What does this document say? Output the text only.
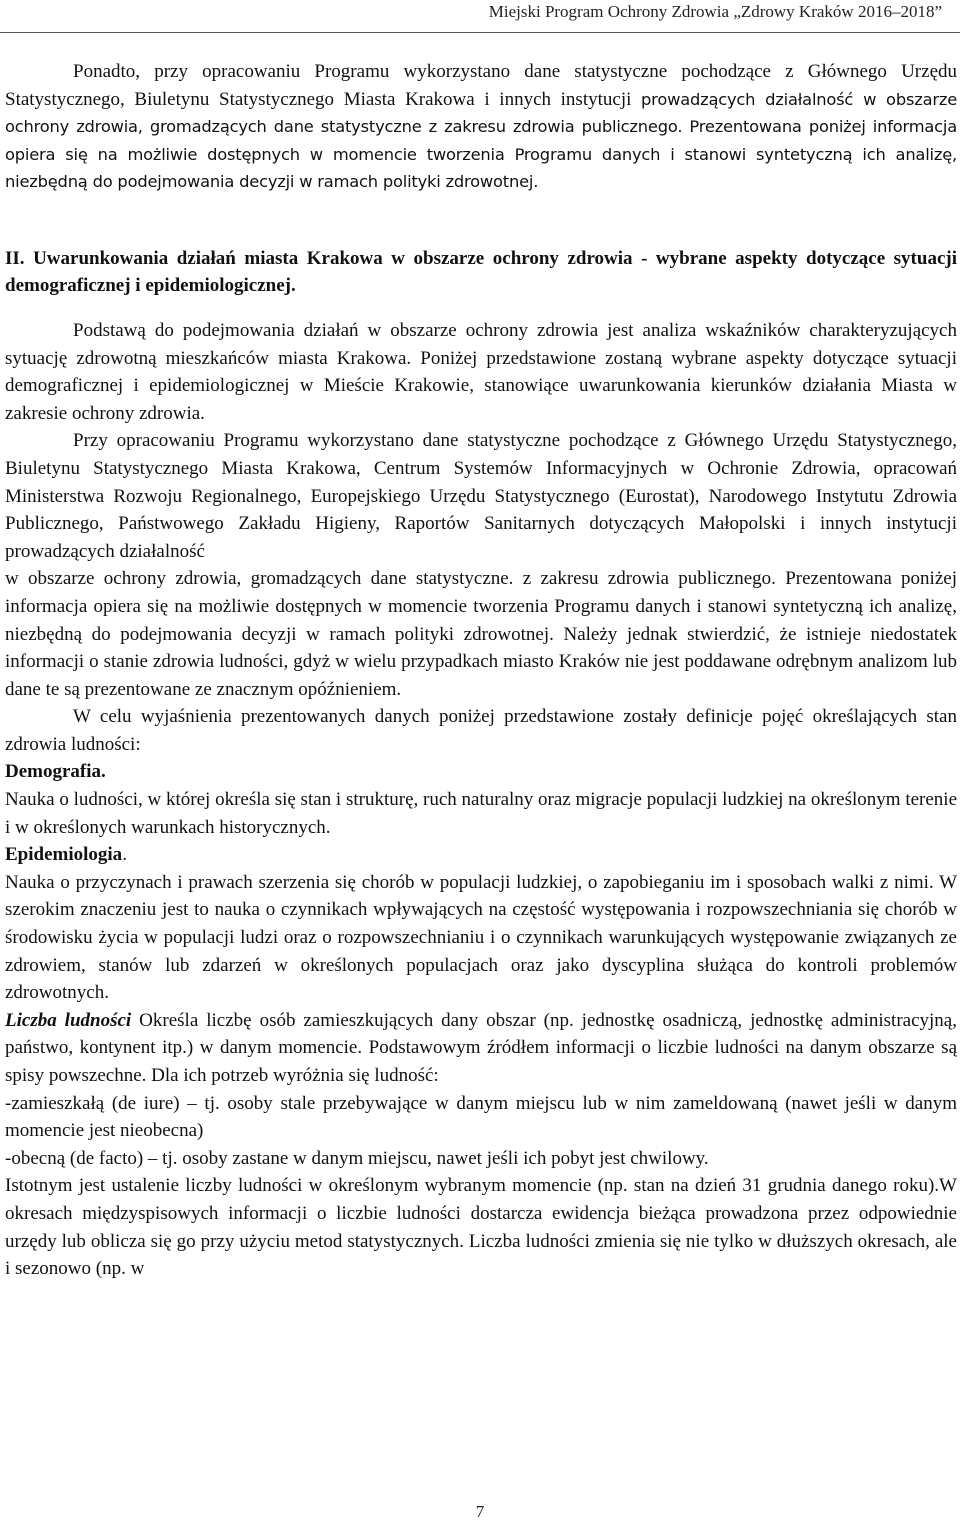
Miejski Program Ochrony Zdrowia „Zdrowy Kraków 2016–2018”

Ponadto, przy opracowaniu Programu wykorzystano dane statystyczne pochodzące z Głównego Urzędu Statystycznego, Biuletynu Statystycznego Miasta Krakowa i innych instytucji prowadzących działalność w obszarze ochrony zdrowia, gromadzących dane statystyczne z zakresu zdrowia publicznego. Prezentowana poniżej informacja opiera się na możliwie dostępnych w momencie tworzenia Programu danych i stanowi syntetyczną ich analizę, niezbędną do podejmowania decyzji w ramach polityki zdrowotnej.

II. Uwarunkowania działań miasta Krakowa w obszarze ochrony zdrowia - wybrane aspekty dotyczące sytuacji demograficznej i epidemiologicznej.

Podstawą do podejmowania działań w obszarze ochrony zdrowia jest analiza wskaźników charakteryzujących sytuację zdrowotną mieszkańców miasta Krakowa. Poniżej przedstawione zostaną wybrane aspekty dotyczące sytuacji demograficznej i epidemiologicznej w Mieście Krakowie, stanowiące uwarunkowania kierunków działania Miasta w zakresie ochrony zdrowia.

Przy opracowaniu Programu wykorzystano dane statystyczne pochodzące z Głównego Urzędu Statystycznego, Biuletynu Statystycznego Miasta Krakowa, Centrum Systemów Informacyjnych w Ochronie Zdrowia, opracowań Ministerstwa Rozwoju Regionalnego, Europejskiego Urzędu Statystycznego (Eurostat), Narodowego Instytutu Zdrowia Publicznego, Państwowego Zakładu Higieny, Raportów Sanitarnych dotyczących Małopolski i innych instytucji prowadzących działalność

w obszarze ochrony zdrowia, gromadzących dane statystyczne. z zakresu zdrowia publicznego. Prezentowana poniżej informacja opiera się na możliwie dostępnych w momencie tworzenia Programu danych i stanowi syntetyczną ich analizę, niezbędną do podejmowania decyzji w ramach polityki zdrowotnej. Należy jednak stwierdzić, że istnieje niedostatek informacji o stanie zdrowia ludności, gdyż w wielu przypadkach miasto Kraków nie jest poddawane odrębnym analizom lub dane te są prezentowane ze znacznym opóźnieniem.

W celu wyjaśnienia prezentowanych danych poniżej przedstawione zostały definicje pojęć określających stan zdrowia ludności:

Demografia.

Nauka o ludności, w której określa się stan i strukturę, ruch naturalny oraz migracje populacji ludzkiej na określonym terenie i w określonych warunkach historycznych.

Epidemiologia.

Nauka o przyczynach i prawach szerzenia się chorób w populacji ludzkiej, o zapobieganiu im i sposobach walki z nimi. W szerokim znaczeniu jest to nauka o czynnikach wpływających na częstość występowania i rozpowszechniania się chorób w środowisku życia w populacji ludzi oraz o rozpowszechnianiu i o czynnikach warunkujących występowanie związanych ze zdrowiem, stanów lub zdarzeń w określonych populacjach oraz jako dyscyplina służąca do kontroli problemów zdrowotnych.

Liczba ludności Określa liczbę osób zamieszkujących dany obszar (np. jednostkę osadniczą, jednostkę administracyjną, państwo, kontynent itp.) w danym momencie. Podstawowym źródłem informacji o liczbie ludności na danym obszarze są spisy powszechne. Dla ich potrzeb wyróżnia się ludność:

-zamieszkałą (de iure) – tj. osoby stale przebywające w danym miejscu lub w nim zameldowaną (nawet jeśli w danym momencie jest nieobecna)

-obecną (de facto) – tj. osoby zastane w danym miejscu, nawet jeśli ich pobyt jest chwilowy.

Istotnym jest ustalenie liczby ludności w określonym wybranym momencie (np. stan na dzień 31 grudnia danego roku).W okresach międzyspisowych informacji o liczbie ludności dostarcza ewidencja bieżąca prowadzona przez odpowiednie urzędy lub oblicza się go przy użyciu metod statystycznych. Liczba ludności zmienia się nie tylko w dłuższych okresach, ale i sezonowo (np. w

7
